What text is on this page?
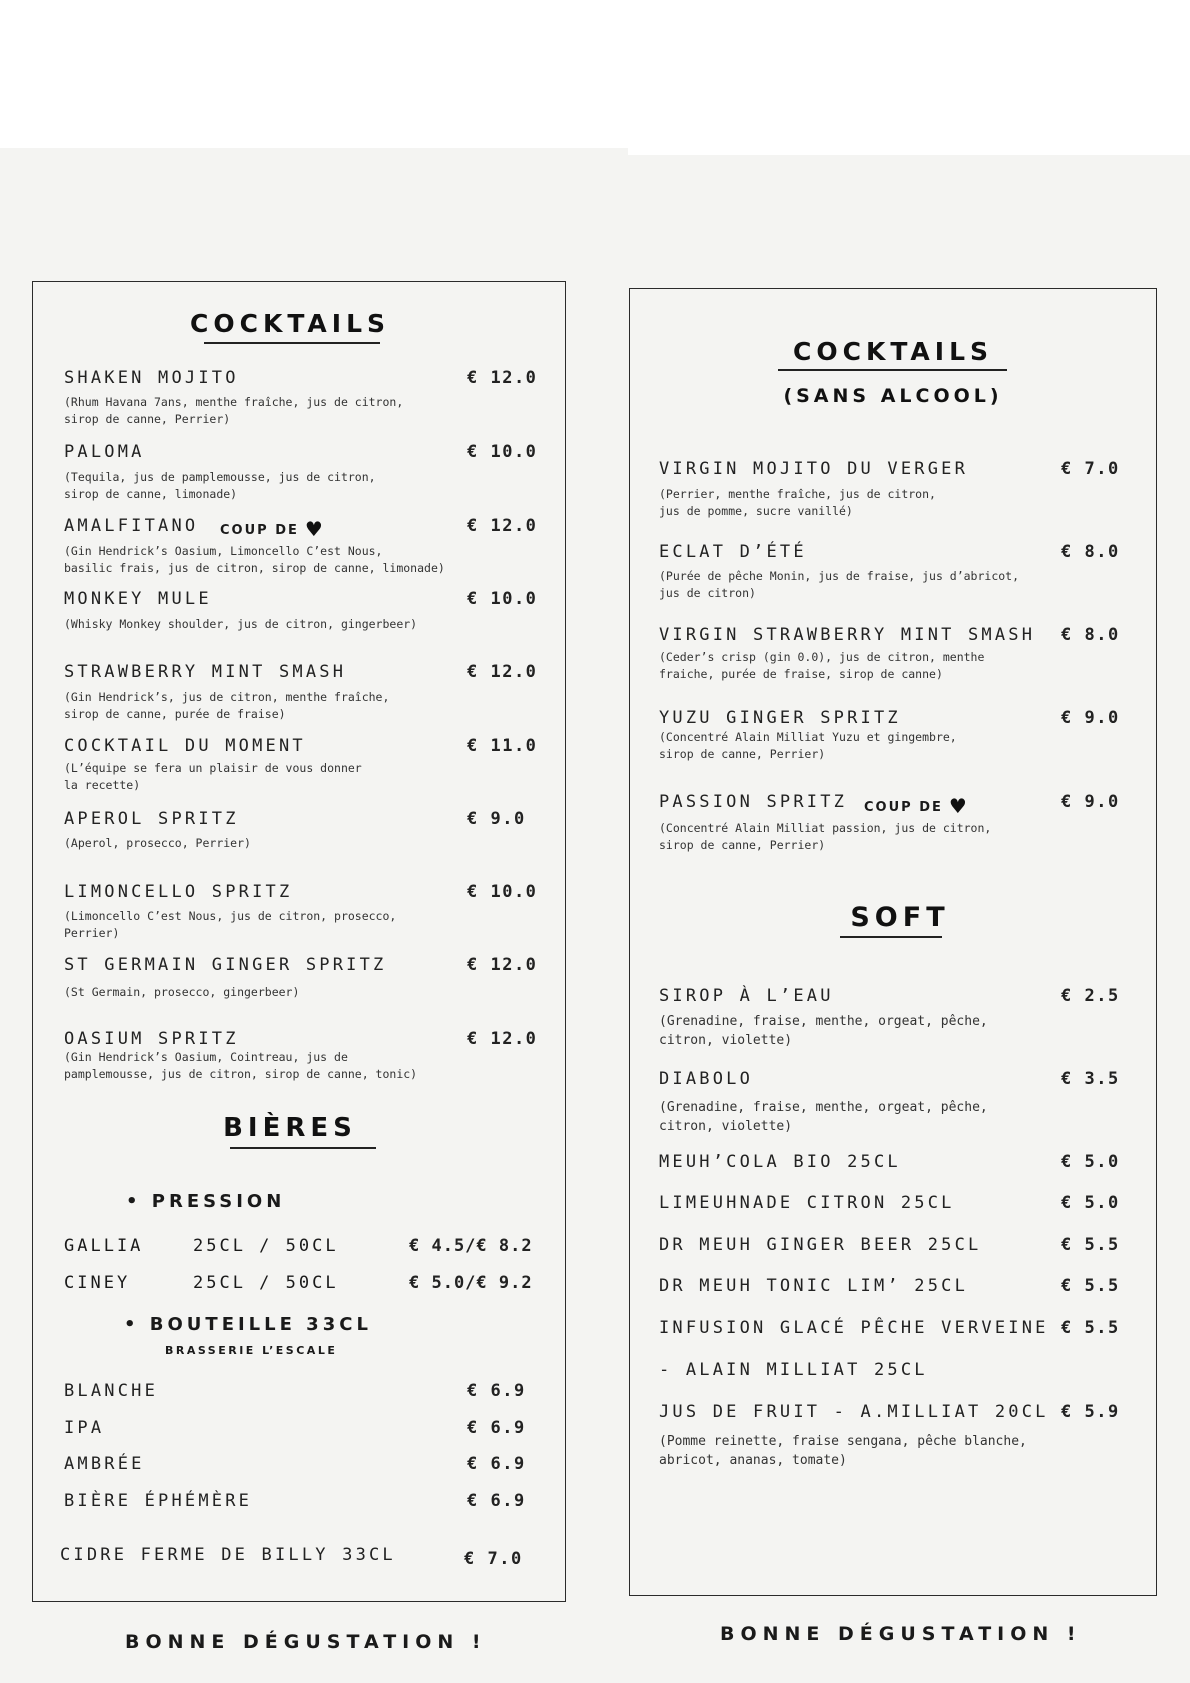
COCKTAILS
SHAKEN MOJITO	€ 12.0
(Rhum Havana 7ans, menthe fraîche, jus de citron,
sirop de canne, Perrier)
PALOMA	€ 10.0
(Tequila, jus de pamplemousse, jus de citron,
sirop de canne, limonade)
AMALFITANO COUP DE ♥	€ 12.0
(Gin Hendrick’s Oasium, Limoncello C’est Nous,
basilic frais, jus de citron, sirop de canne, limonade)
MONKEY MULE	€ 10.0
(Whisky Monkey shoulder, jus de citron, gingerbeer)
STRAWBERRY MINT SMASH	€ 12.0
(Gin Hendrick’s, jus de citron, menthe fraîche,
sirop de canne, purée de fraise)
COCKTAIL DU MOMENT	€ 11.0
(L’équipe se fera un plaisir de vous donner
la recette)
APEROL SPRITZ	€ 9.0
(Aperol, prosecco, Perrier)
LIMONCELLO SPRITZ	€ 10.0
(Limoncello C’est Nous, jus de citron, prosecco,
Perrier)
ST GERMAIN GINGER SPRITZ	€ 12.0
(St Germain, prosecco, gingerbeer)
OASIUM SPRITZ	€ 12.0
(Gin Hendrick’s Oasium, Cointreau, jus de
pamplemousse, jus de citron, sirop de canne, tonic)
BIÈRES
• PRESSION
GALLIA	25CL / 50CL	€ 4.5/€ 8.2
CINEY	25CL / 50CL	€ 5.0/€ 9.2
• BOUTEILLE 33CL
BRASSERIE L’ESCALE
BLANCHE	€ 6.9
IPA	€ 6.9
AMBRÉE	€ 6.9
BIÈRE ÉPHÉMÈRE	€ 6.9
CIDRE FERME DE BILLY 33CL	€ 7.0
BONNE DÉGUSTATION !
COCKTAILS
(SANS ALCOOL)
VIRGIN MOJITO DU VERGER	€ 7.0
(Perrier, menthe fraîche, jus de citron,
jus de pomme, sucre vanillé)
ECLAT D’ÉTÉ	€ 8.0
(Purée de pêche Monin, jus de fraise, jus d’abricot,
jus de citron)
VIRGIN STRAWBERRY MINT SMASH € 8.0
(Ceder’s crisp (gin 0.0), jus de citron, menthe
fraiche, purée de fraise, sirop de canne)
YUZU GINGER SPRITZ	€ 9.0
(Concentré Alain Milliat Yuzu et gingembre,
sirop de canne, Perrier)
PASSION SPRITZ COUP DE ♥	€ 9.0
(Concentré Alain Milliat passion, jus de citron,
sirop de canne, Perrier)
SOFT
SIROP À L’EAU	€ 2.5
(Grenadine, fraise, menthe, orgeat, pêche,
citron, violette)
DIABOLO	€ 3.5
(Grenadine, fraise, menthe, orgeat, pêche,
citron, violette)
MEUH’COLA BIO 25CL	€ 5.0
LIMEUHNADE CITRON 25CL	€ 5.0
DR MEUH GINGER BEER 25CL	€ 5.5
DR MEUH TONIC LIM’ 25CL	€ 5.5
INFUSION GLACÉ PÊCHE VERVEINE € 5.5
- ALAIN MILLIAT 25CL
JUS DE FRUIT - A.MILLIAT 20CL € 5.9
(Pomme reinette, fraise sengana, pêche blanche,
abricot, ananas, tomate)
BONNE DÉGUSTATION !
